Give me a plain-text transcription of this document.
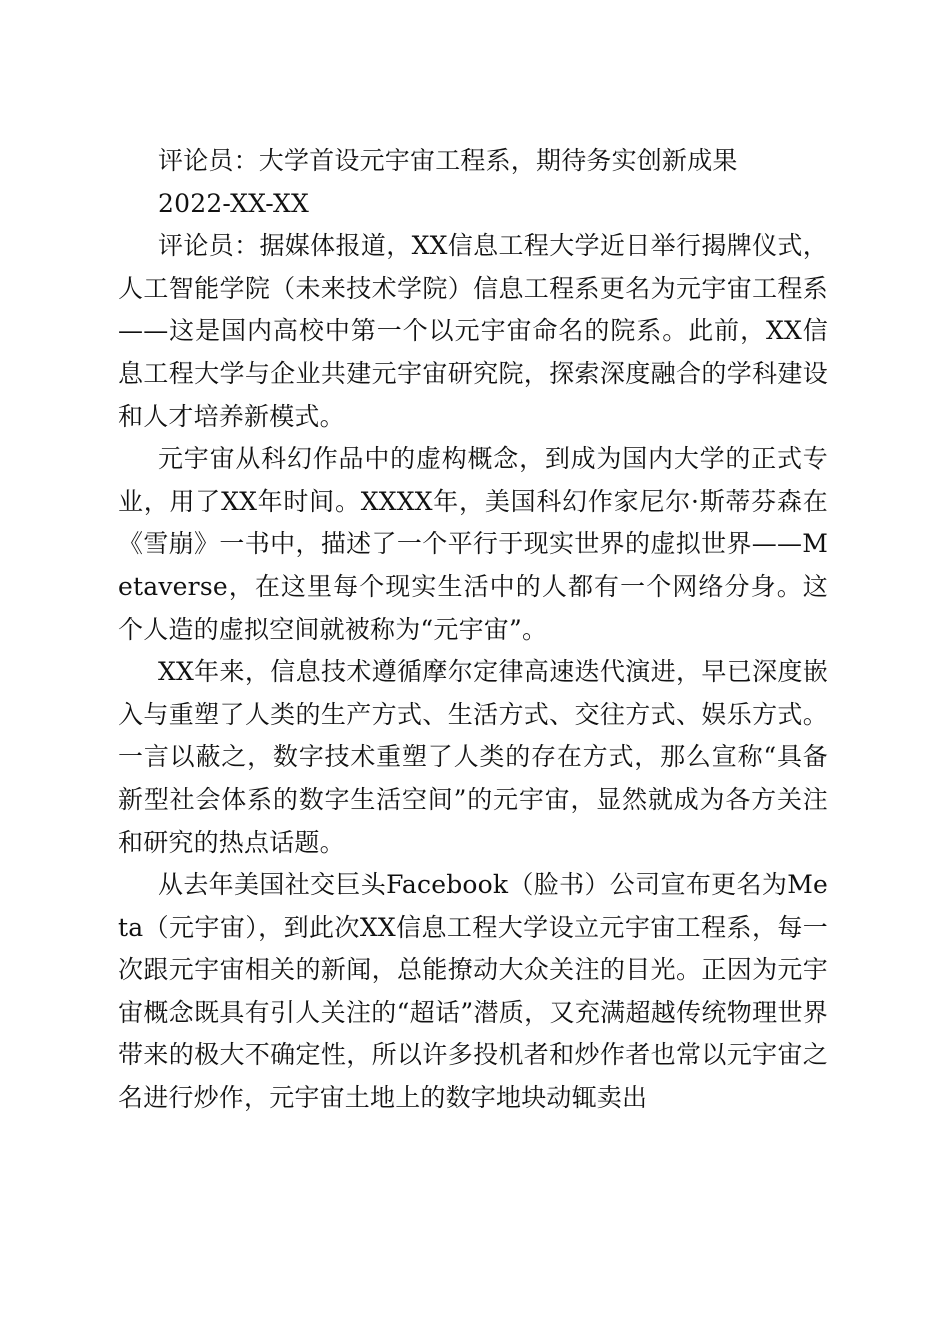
评论员：大学首设元宇宙工程系，期待务实创新成果

2022-XX-XX

评论员：据媒体报道，XX信息工程大学近日举行揭牌仪式，人工智能学院（未来技术学院）信息工程系更名为元宇宙工程系——这是国内高校中第一个以元宇宙命名的院系。此前，XX信息工程大学与企业共建元宇宙研究院，探索深度融合的学科建设和人才培养新模式。

元宇宙从科幻作品中的虚构概念，到成为国内大学的正式专业，用了XX年时间。XXXX年，美国科幻作家尼尔·斯蒂芬森在《雪崩》一书中，描述了一个平行于现实世界的虚拟世界——Metaverse，在这里每个现实生活中的人都有一个网络分身。这个人造的虚拟空间就被称为“元宇宙”。

XX年来，信息技术遵循摩尔定律高速迭代演进，早已深度嵌入与重塑了人类的生产方式、生活方式、交往方式、娱乐方式。一言以蔽之，数字技术重塑了人类的存在方式，那么宣称“具备新型社会体系的数字生活空间”的元宇宙，显然就成为各方关注和研究的热点话题。

从去年美国社交巨头Facebook（脸书）公司宣布更名为Meta（元宇宙），到此次XX信息工程大学设立元宇宙工程系，每一次跟元宇宙相关的新闻，总能撩动大众关注的目光。正因为元宇宙概念既具有引人关注的“超话”潜质，又充满超越传统物理世界带来的极大不确定性，所以许多投机者和炒作者也常以元宇宙之名进行炒作，元宇宙土地上的数字地块动辄卖出
